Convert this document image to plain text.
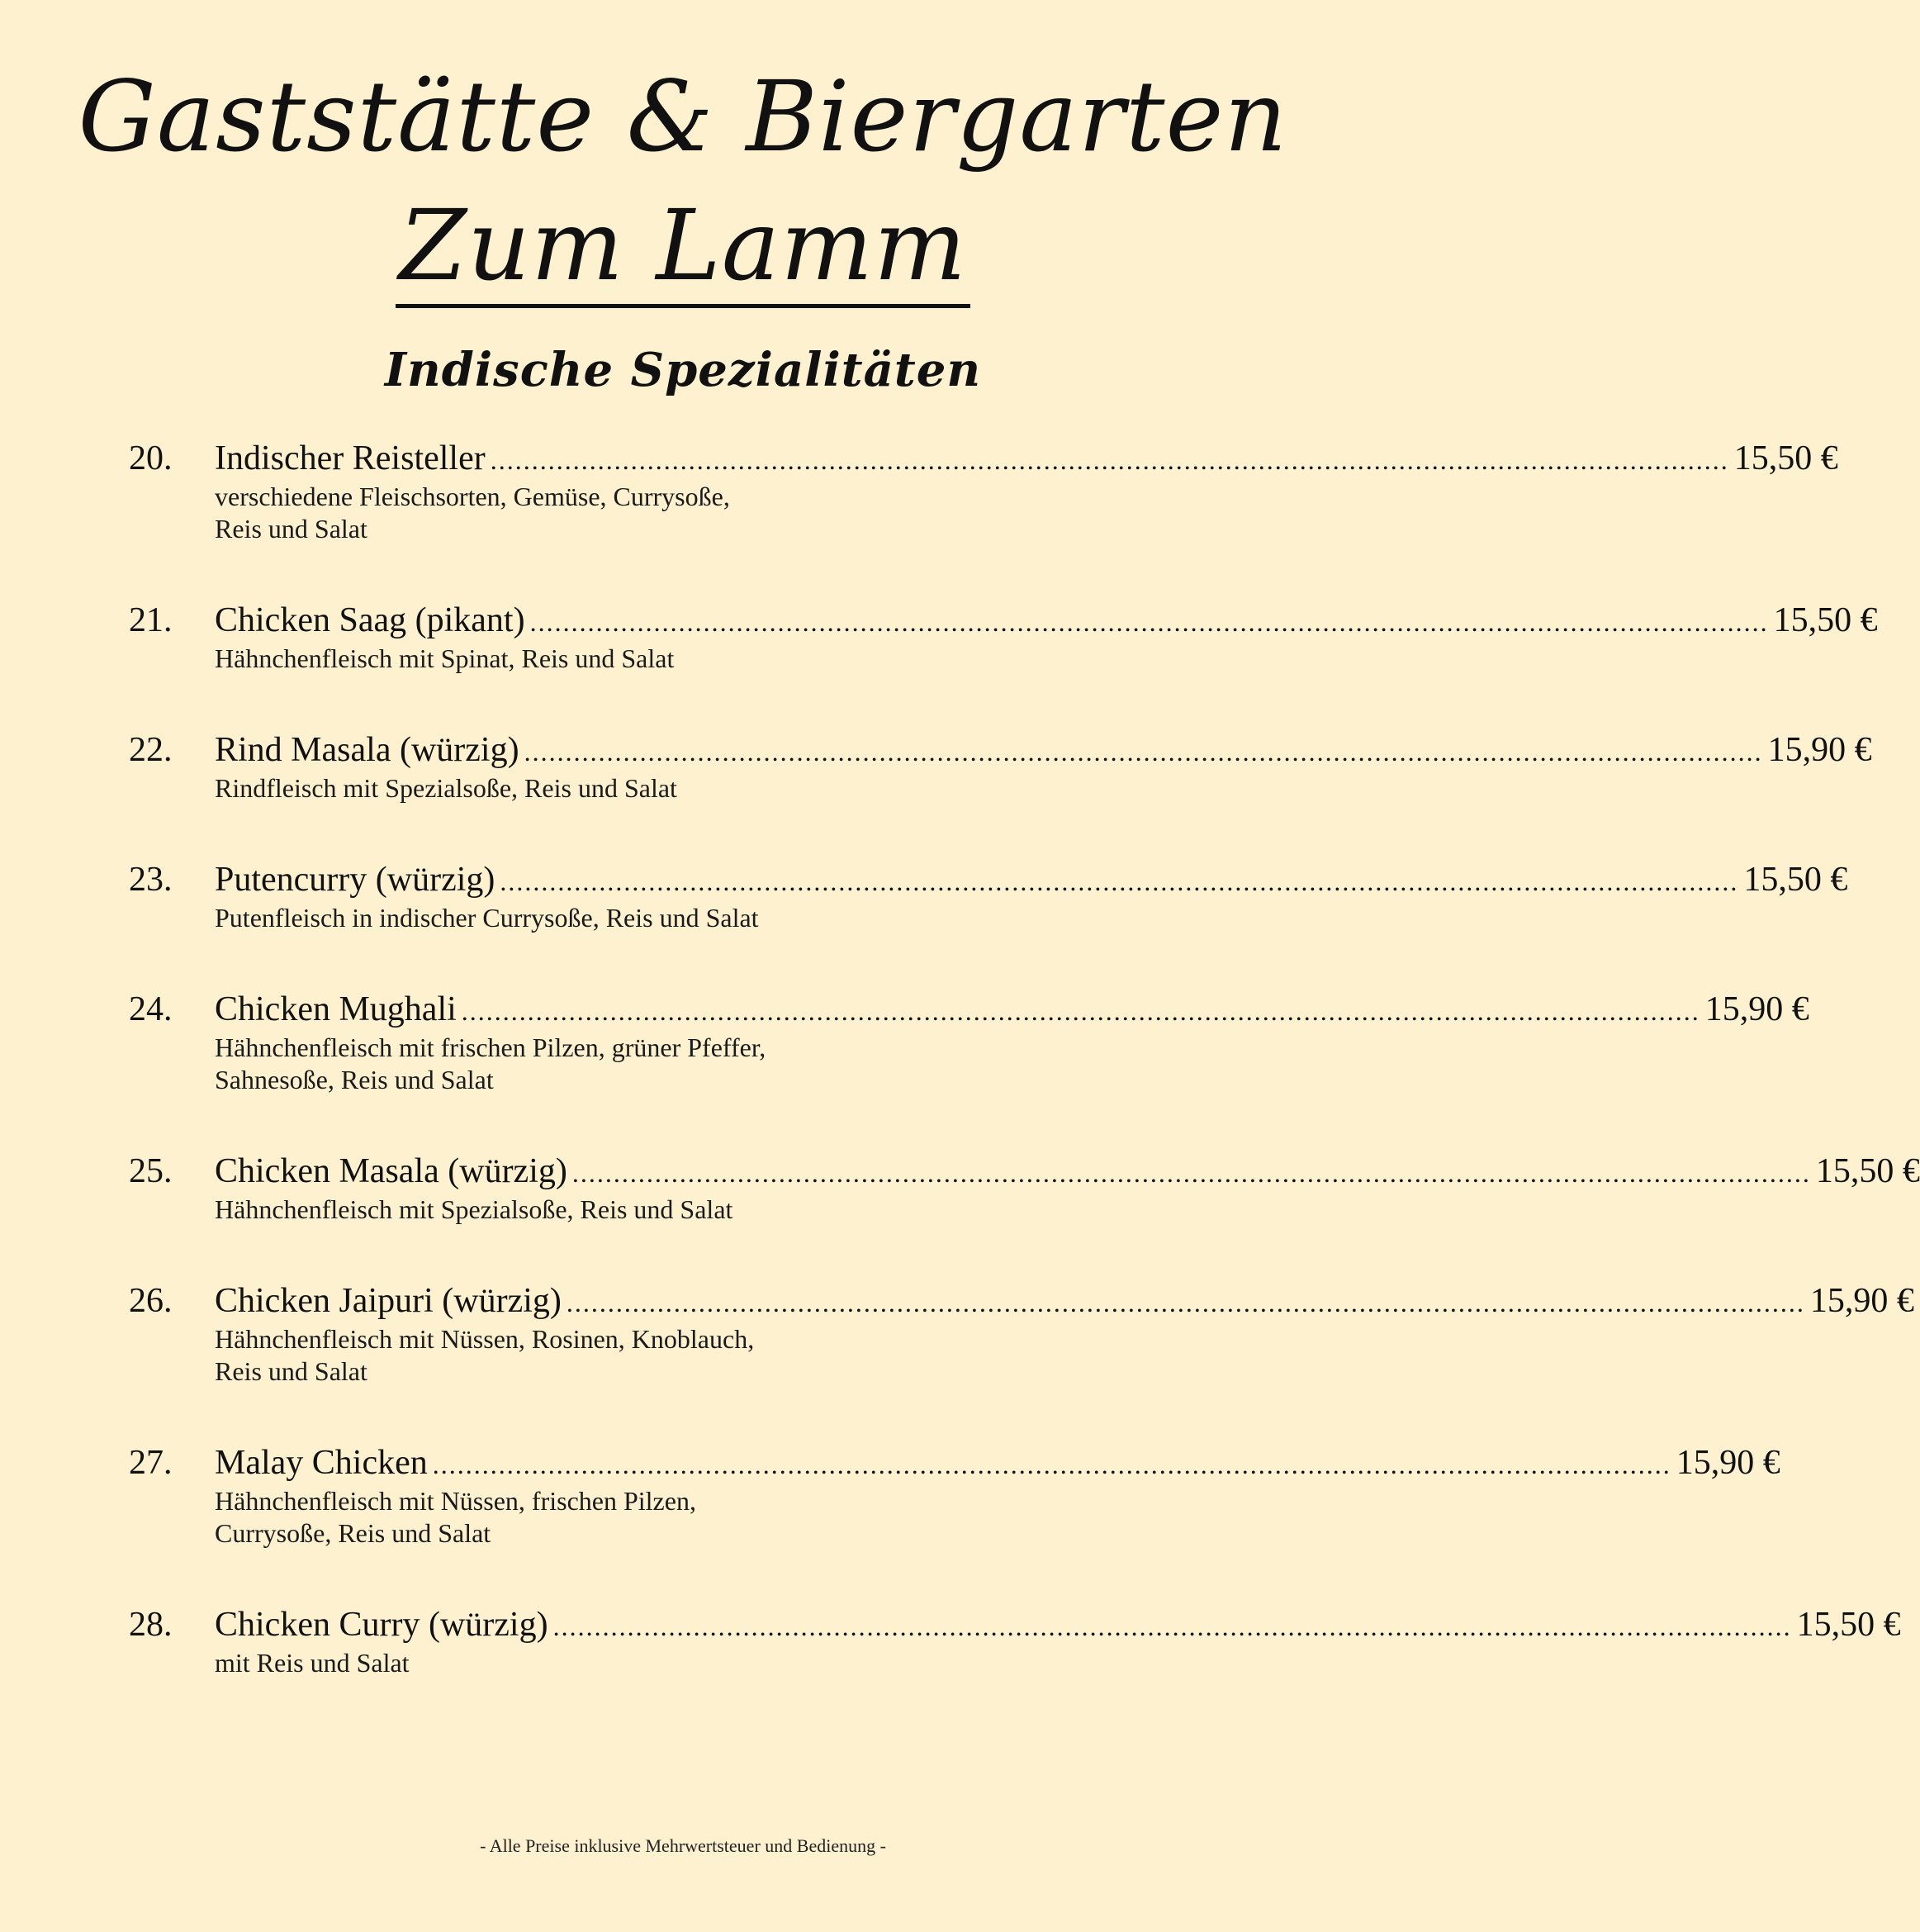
Gaststätte & Biergarten
Zum Lamm
Indische Spezialitäten
20.	Indischer Reisteller ...................................................................................................................................................... 15,50 €
verschiedene Fleischsorten, Gemüse, Currysoße,
Reis und Salat
21.	Chicken Saag (pikant) ...................................................................................................................................................... 15,50 €
Hähnchenfleisch mit Spinat, Reis und Salat
22.	Rind Masala (würzig) ...................................................................................................................................................... 15,90 €
Rindfleisch mit Spezialsoße, Reis und Salat
23.	Putencurry (würzig) ...................................................................................................................................................... 15,50 €
Putenfleisch in indischer Currysoße, Reis und Salat
24.	Chicken Mughali ...................................................................................................................................................... 15,90 €
Hähnchenfleisch mit frischen Pilzen, grüner Pfeffer,
Sahnesoße, Reis und Salat
25.	Chicken Masala (würzig) ...................................................................................................................................................... 15,50 €
Hähnchenfleisch mit Spezialsoße, Reis und Salat
26.	Chicken Jaipuri (würzig) ...................................................................................................................................................... 15,90 €
Hähnchenfleisch mit Nüssen, Rosinen, Knoblauch,
Reis und Salat
27.	Malay Chicken ...................................................................................................................................................... 15,90 €
Hähnchenfleisch mit Nüssen, frischen Pilzen,
Currysoße, Reis und Salat
28.	Chicken Curry (würzig) ...................................................................................................................................................... 15,50 €
mit Reis und Salat
- Alle Preise inklusive Mehrwertsteuer und Bedienung -
